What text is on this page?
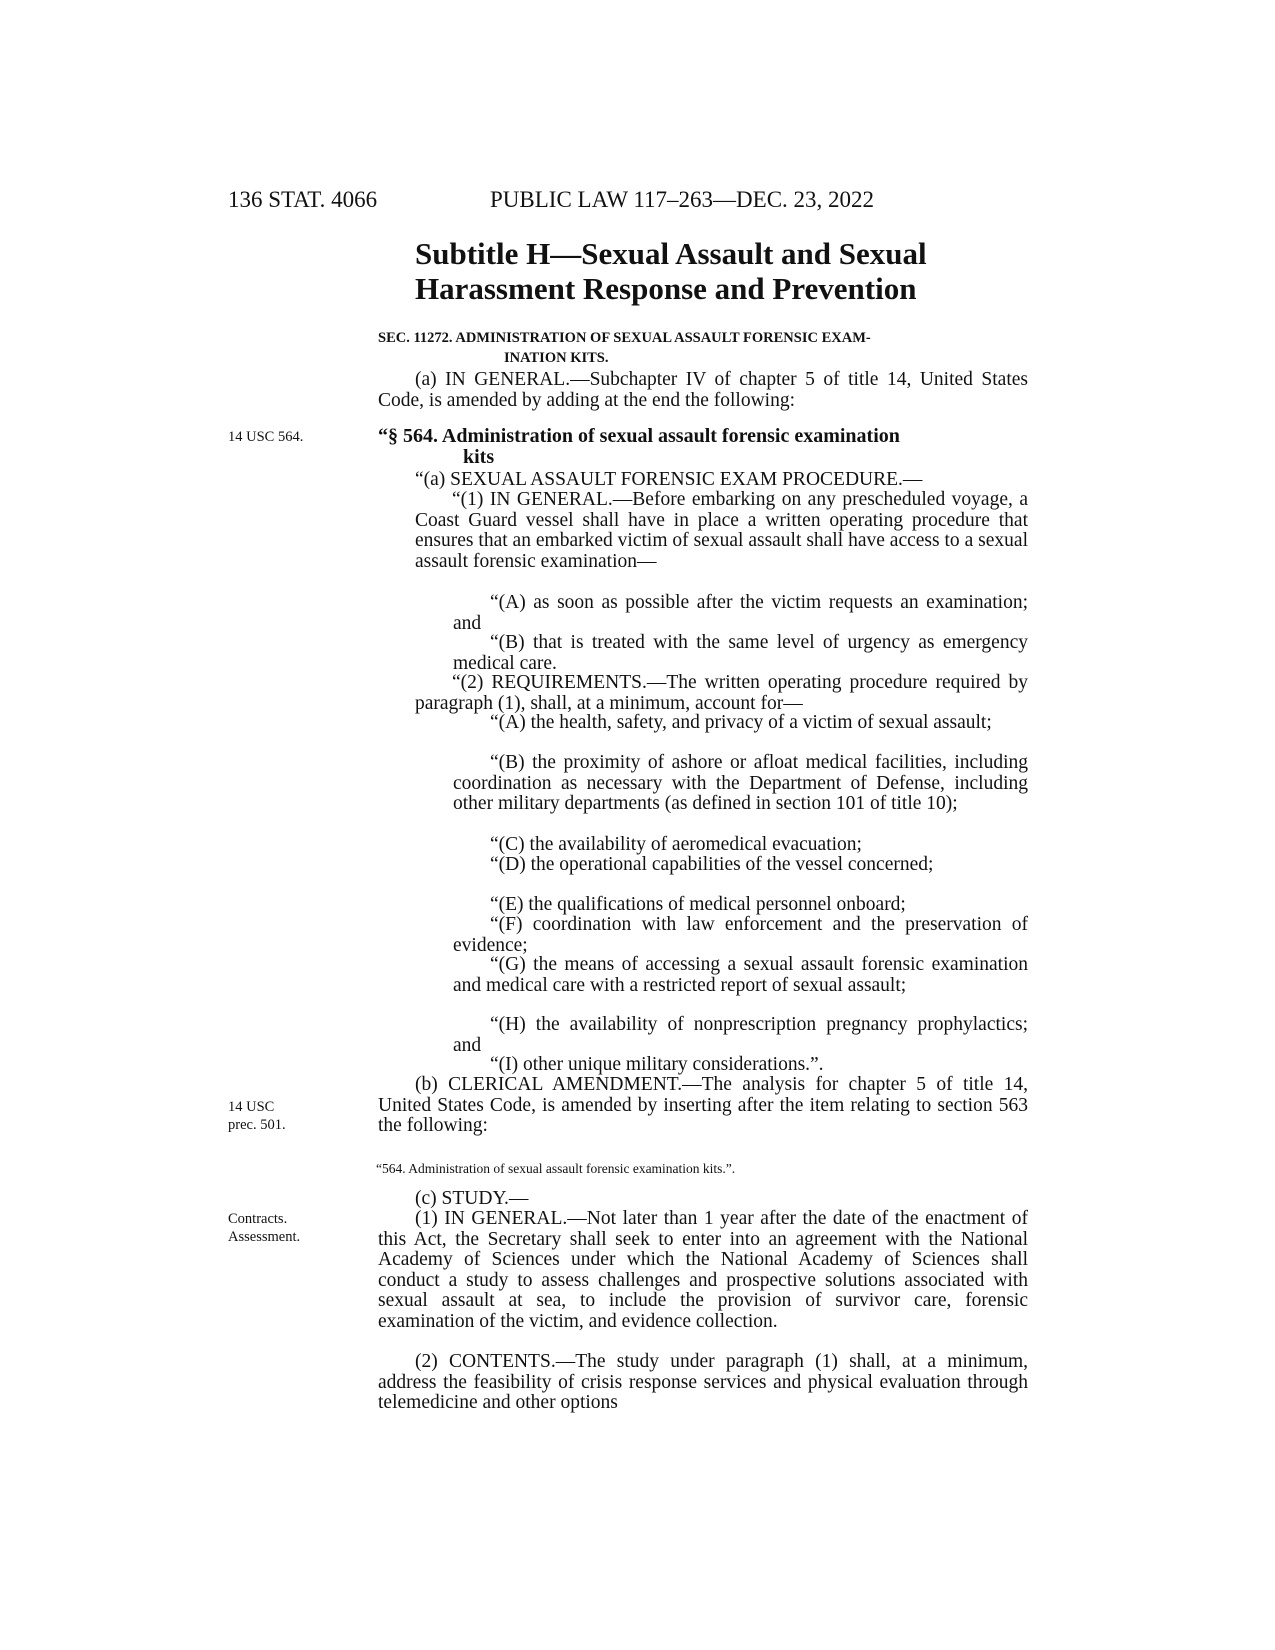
136 STAT. 4066	PUBLIC LAW 117–263—DEC. 23, 2022
Subtitle H—Sexual Assault and Sexual
Harassment Response and Prevention
SEC. 11272. ADMINISTRATION OF SEXUAL ASSAULT FORENSIC EXAM-
INATION KITS.
(a) IN GENERAL.—Subchapter IV of chapter 5 of title 14, United States Code, is amended by adding at the end the following:
14 USC 564.	“§ 564. Administration of sexual assault forensic examination
kits
“(a) SEXUAL ASSAULT FORENSIC EXAM PROCEDURE.—
“(1) IN GENERAL.—Before embarking on any prescheduled voyage, a Coast Guard vessel shall have in place a written operating procedure that ensures that an embarked victim of sexual assault shall have access to a sexual assault forensic examination—
“(A) as soon as possible after the victim requests an examination; and
“(B) that is treated with the same level of urgency as emergency medical care.
“(2) REQUIREMENTS.—The written operating procedure required by paragraph (1), shall, at a minimum, account for—
“(A) the health, safety, and privacy of a victim of sexual assault;
“(B) the proximity of ashore or afloat medical facilities, including coordination as necessary with the Department of Defense, including other military departments (as defined in section 101 of title 10);
“(C) the availability of aeromedical evacuation;
“(D) the operational capabilities of the vessel concerned;
“(E) the qualifications of medical personnel onboard;
“(F) coordination with law enforcement and the preservation of evidence;
“(G) the means of accessing a sexual assault forensic examination and medical care with a restricted report of sexual assault;
“(H) the availability of nonprescription pregnancy prophylactics; and
“(I) other unique military considerations.”.
14 USC
prec. 501.
(b) CLERICAL AMENDMENT.—The analysis for chapter 5 of title 14, United States Code, is amended by inserting after the item relating to section 563 the following:
“564. Administration of sexual assault forensic examination kits.”.
(c) STUDY.—
Contracts.
Assessment.
(1) IN GENERAL.—Not later than 1 year after the date of the enactment of this Act, the Secretary shall seek to enter into an agreement with the National Academy of Sciences under which the National Academy of Sciences shall conduct a study to assess challenges and prospective solutions associated with sexual assault at sea, to include the provision of survivor care, forensic examination of the victim, and evidence collection.
(2) CONTENTS.—The study under paragraph (1) shall, at a minimum, address the feasibility of crisis response services and physical evaluation through telemedicine and other options
